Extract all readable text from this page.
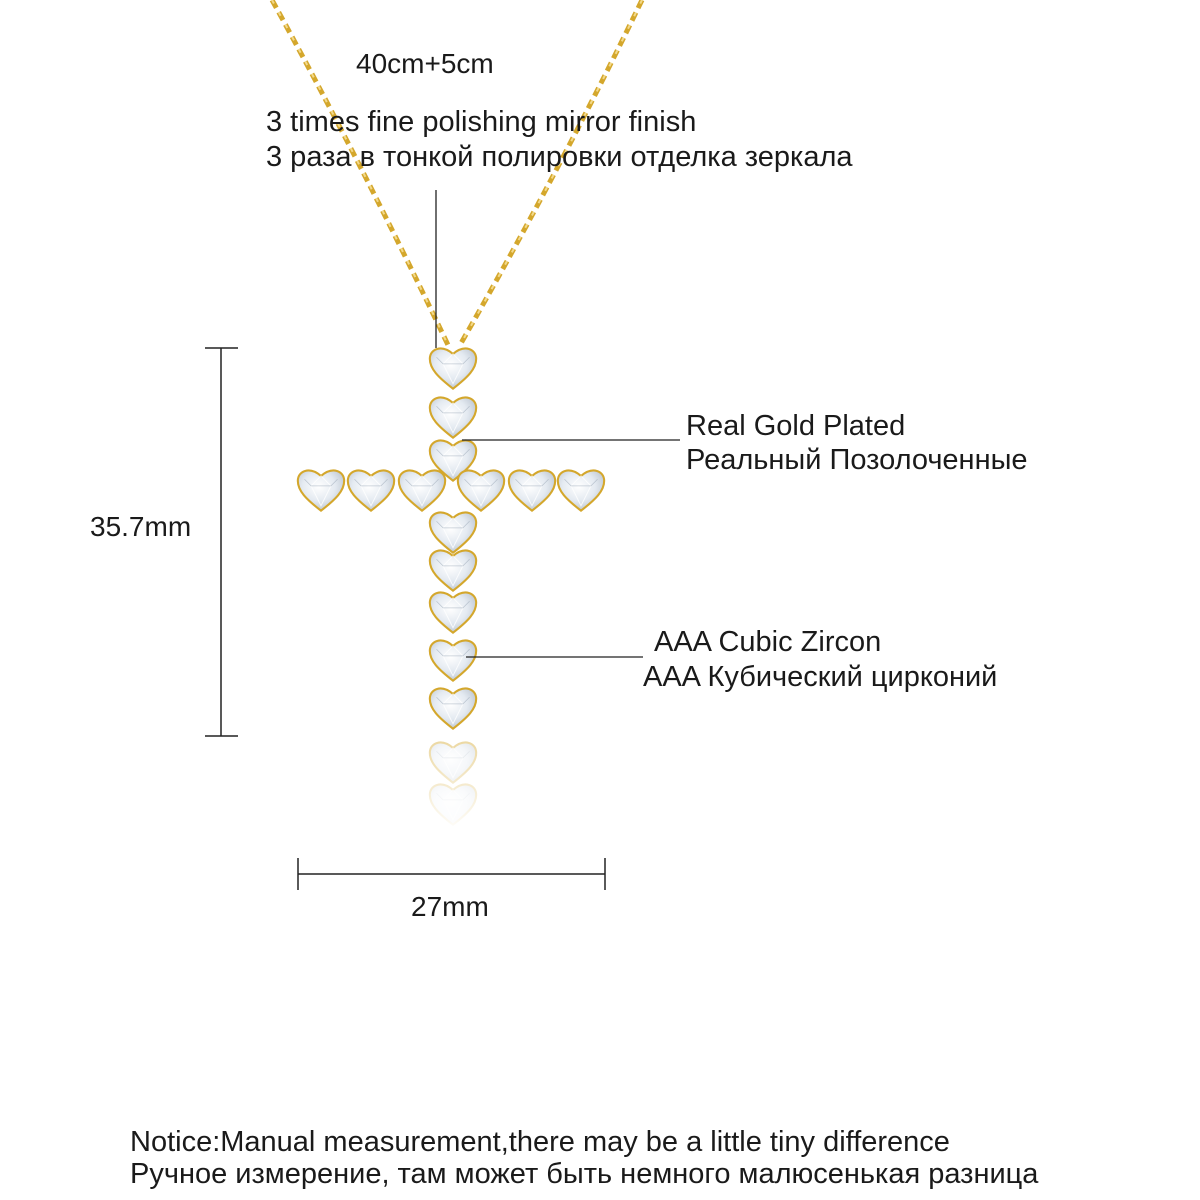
40cm+5cm
3 times fine polishing mirror finish
3 раза в тонкой полировки отделка зеркала
Real Gold Plated
Реальный Позолоченные
AAA Cubic Zircon
AAA Кубический цирконий
35.7mm
27mm
Notice:Manual measurement,there may be a little tiny difference
Ручное измерение, там может быть немного малюсенькая разница
